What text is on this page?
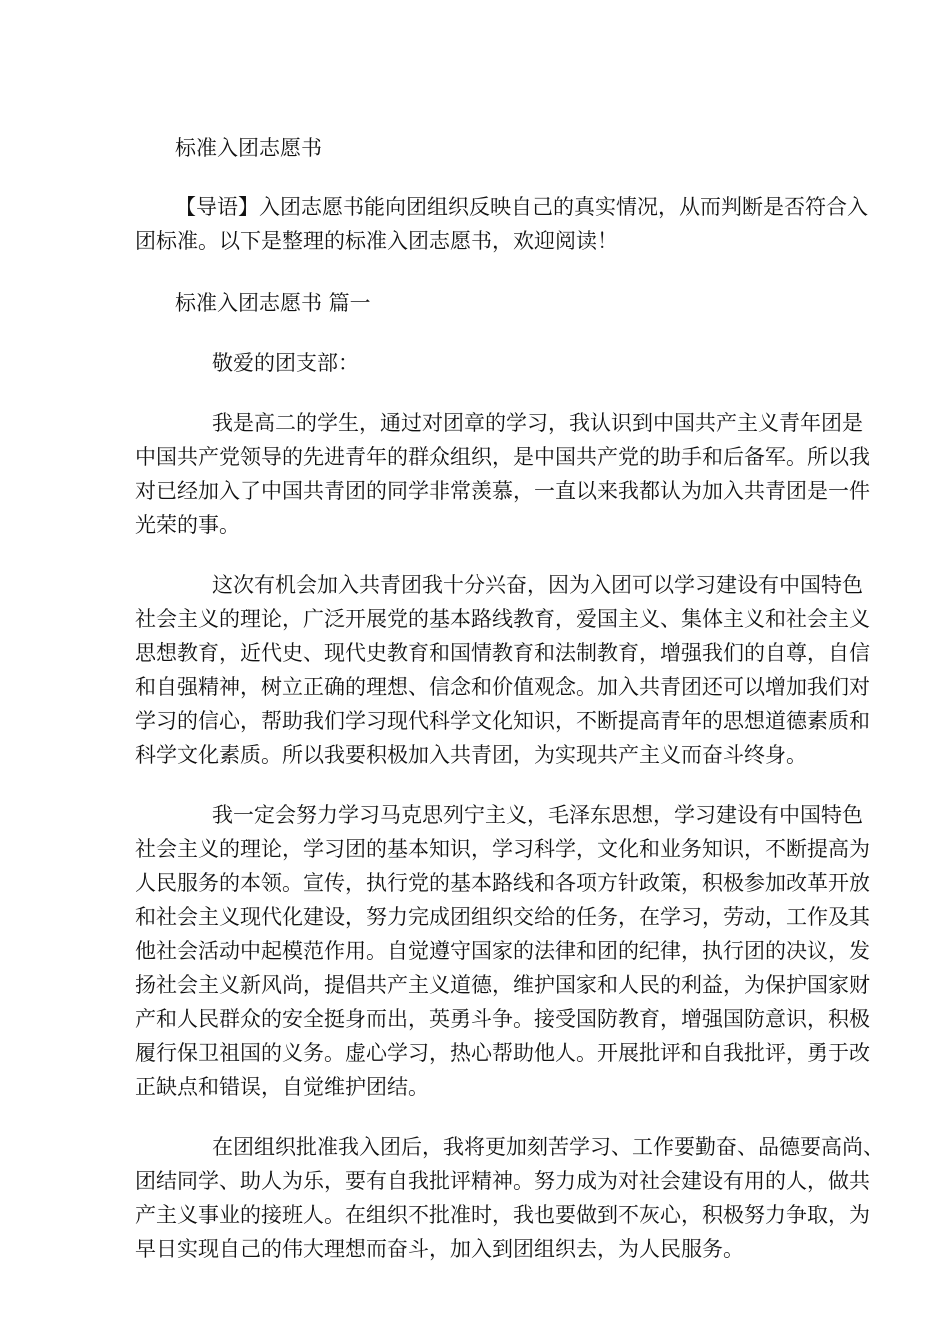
标准入团志愿书
【导语】入团志愿书能向团组织反映自己的真实情况，从而判断是否符合入
团标准。以下是整理的标准入团志愿书，欢迎阅读！
标准入团志愿书 篇一
敬爱的团支部：
我是高二的学生，通过对团章的学习，我认识到中国共产主义青年团是
中国共产党领导的先进青年的群众组织，是中国共产党的助手和后备军。所以我
对已经加入了中国共青团的同学非常羡慕，一直以来我都认为加入共青团是一件
光荣的事。
这次有机会加入共青团我十分兴奋，因为入团可以学习建设有中国特色
社会主义的理论，广泛开展党的基本路线教育，爱国主义、集体主义和社会主义
思想教育，近代史、现代史教育和国情教育和法制教育，增强我们的自尊，自信
和自强精神，树立正确的理想、信念和价值观念。加入共青团还可以增加我们对
学习的信心，帮助我们学习现代科学文化知识，不断提高青年的思想道德素质和
科学文化素质。所以我要积极加入共青团，为实现共产主义而奋斗终身。
我一定会努力学习马克思列宁主义，毛泽东思想，学习建设有中国特色
社会主义的理论，学习团的基本知识，学习科学，文化和业务知识，不断提高为
人民服务的本领。宣传，执行党的基本路线和各项方针政策，积极参加改革开放
和社会主义现代化建设，努力完成团组织交给的任务，在学习，劳动，工作及其
他社会活动中起模范作用。自觉遵守国家的法律和团的纪律，执行团的决议，发
扬社会主义新风尚，提倡共产主义道德，维护国家和人民的利益，为保护国家财
产和人民群众的安全挺身而出，英勇斗争。接受国防教育，增强国防意识，积极
履行保卫祖国的义务。虚心学习，热心帮助他人。开展批评和自我批评，勇于改
正缺点和错误，自觉维护团结。
在团组织批准我入团后，我将更加刻苦学习、工作要勤奋、品德要高尚、
团结同学、助人为乐，要有自我批评精神。努力成为对社会建设有用的人，做共
产主义事业的接班人。在组织不批准时，我也要做到不灰心，积极努力争取，为
早日实现自己的伟大理想而奋斗，加入到团组织去，为人民服务。
